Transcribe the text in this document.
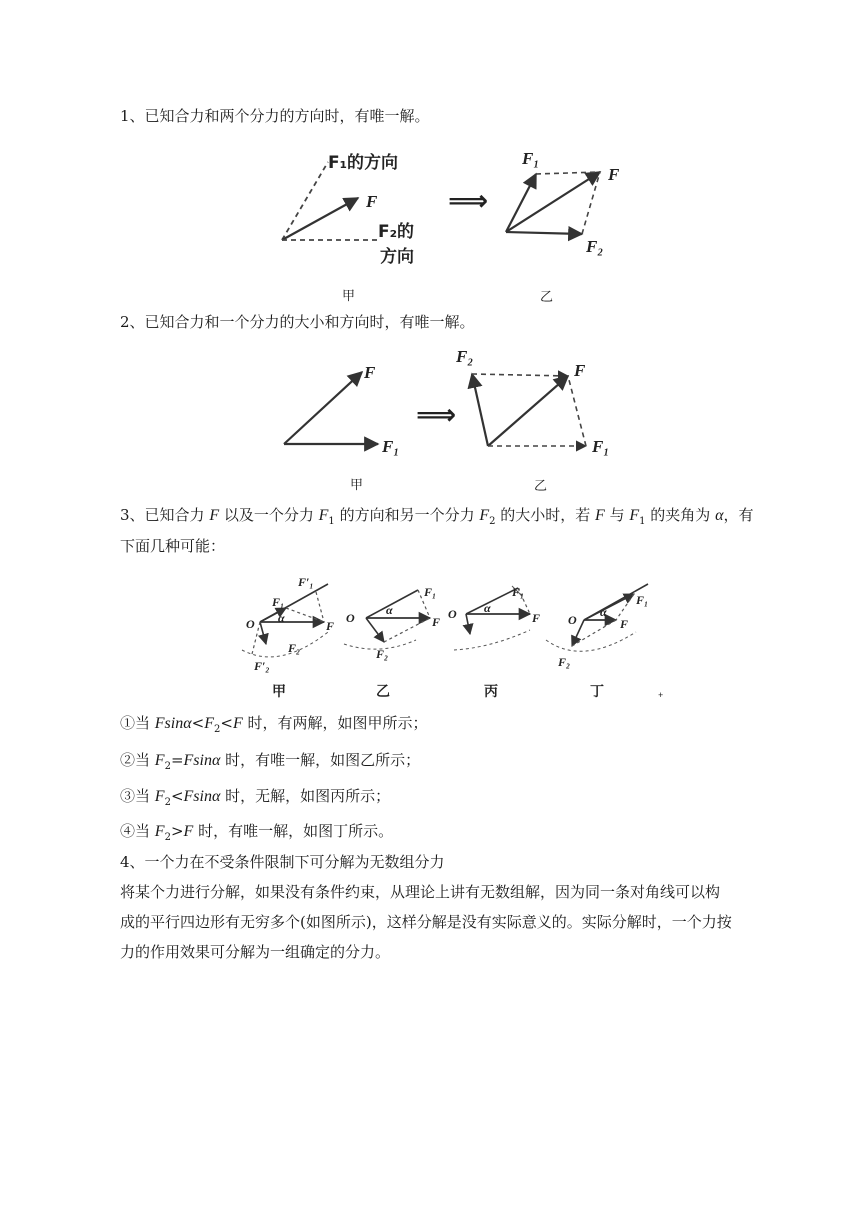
1、已知合力和两个分力的方向时，有唯一解。
F₁的方向
F
F₂的
方向
⟹
F₁
F
F₂
甲	乙
2、已知合力和一个分力的大小和方向时，有唯一解。
F
F₁
⟹
F₂
F
F₁
甲	乙
3、已知合力 F 以及一个分力 $F_1$ 的方向和另一个分力 $F_2$ 的大小时，若 F 与 $F_1$ 的夹角为 α，有
下面几种可能：
O	F
F₁
F′₁
α
F₂
F′₂
O	F
F₁
α
F₂
O	F
F₁
α
O	F
F₁
α
F₂
甲	乙	丙	丁	+
①当 $Fsin\alpha<F_2<F$ 时，有两解，如图甲所示；
②当 $F_2=Fsin\alpha$ 时，有唯一解，如图乙所示；
③当 $F_2<Fsin\alpha$ 时，无解，如图丙所示；
④当 $F_2>F$ 时，有唯一解，如图丁所示。
4、一个力在不受条件限制下可分解为无数组分力
将某个力进行分解，如果没有条件约束，从理论上讲有无数组解，因为同一条对角线可以构
成的平行四边形有无穷多个(如图所示)，这样分解是没有实际意义的。实际分解时，一个力按
力的作用效果可分解为一组确定的分力。
